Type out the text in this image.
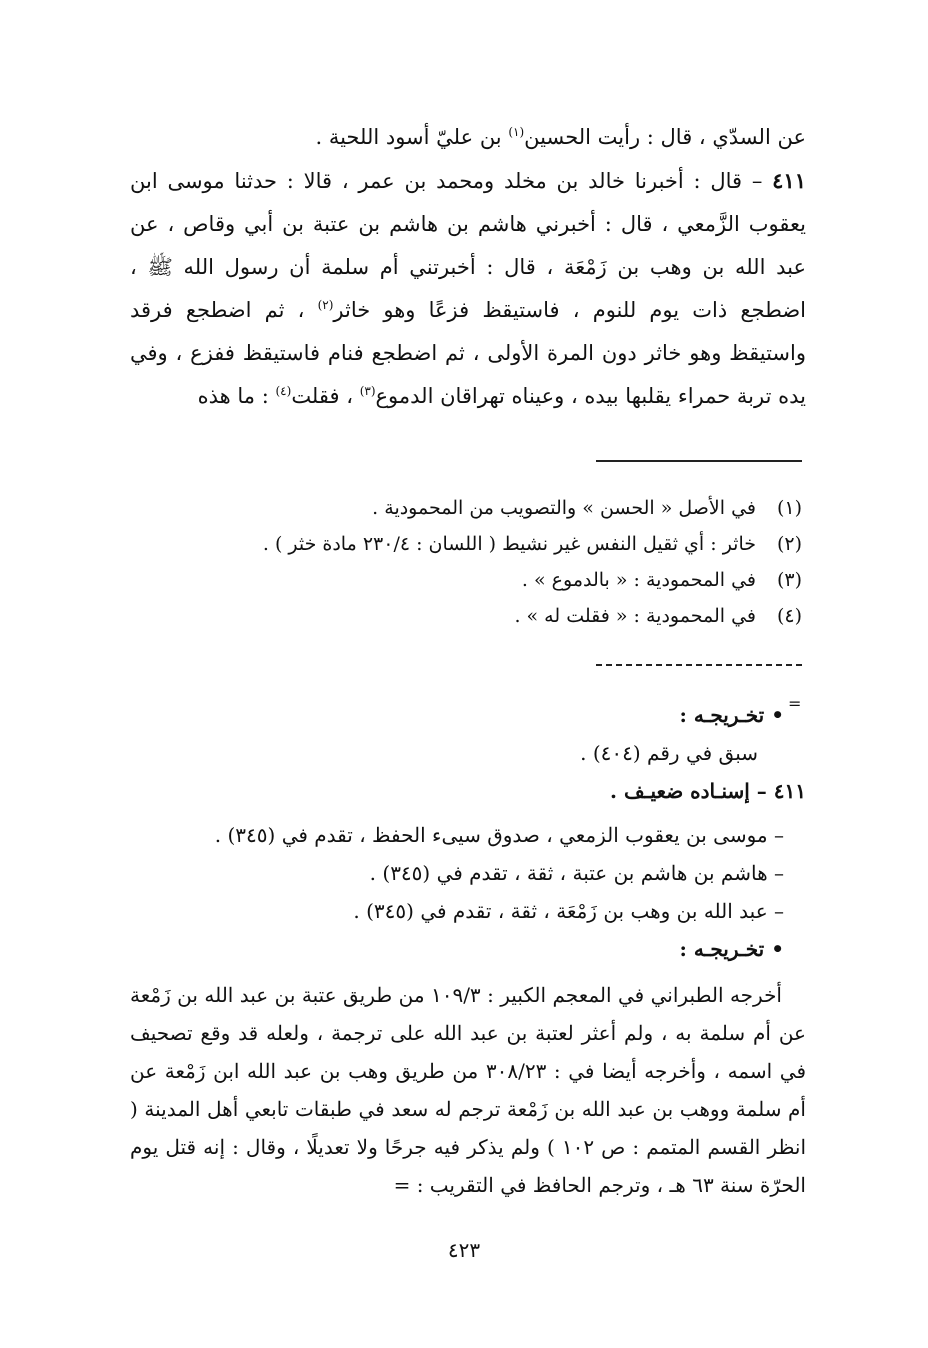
عن السدّي ، قال : رأيت الحسين$^{(١)}$ بن عليّ أسود اللحية .

٤١١ – قال : أخبرنا خالد بن مخلد ومحمد بن عمر ، قالا : حدثنا موسى ابن يعقوب الزَّمعي ، قال : أخبرني هاشم بن هاشم بن عتبة بن أبي وقاص ، عن عبد الله بن وهب بن زَمْعَة ، قال : أخبرتني أم سلمة أن رسول الله ﷺ ، اضطجع ذات يوم للنوم ، فاستيقظ فزعًا وهو خاثر$^{(٢)}$ ، ثم اضطجع فرقد واستيقظ وهو خاثر دون المرة الأولى ، ثم اضطجع فنام فاستيقظ ففزع ، وفي يده تربة حمراء يقلبها بيده ، وعيناه تهراقان الدموع$^{(٣)}$ ، فقلت$^{(٤)}$ : ما هذه

(١)
في الأصل « الحسن » والتصويب من المحمودية .
(٢)
خاثر : أي ثقيل النفس غير نشيط ( اللسان : ٢٣٠/٤ مادة خثر ) .
(٣)
في المحمودية : « بالدموع » .
(٤)
في المحمودية : « فقلت له » .
=

• تخـريجـه :

سبق في رقم (٤٠٤) .

٤١١ – إسنـاده ضعيـف .

– موسى بن يعقوب الزمعي ، صدوق سيىء الحفظ ، تقدم في (٣٤٥) .

– هاشم بن هاشم بن عتبة ، ثقة ، تقدم في (٣٤٥) .

– عبد الله بن وهب بن زَمْعَة ، ثقة ، تقدم في (٣٤٥) .

• تخـريجـه :

أخرجه الطبراني في المعجم الكبير : ١٠٩/٣ من طريق عتبة بن عبد الله بن زَمْعة عن أم سلمة به ، ولم أعثر لعتبة بن عبد الله على ترجمة ، ولعله قد وقع تصحيف في اسمه ، وأخرجه أيضا في : ٣٠٨/٢٣ من طريق وهب بن عبد الله ابن زَمْعة عن أم سلمة ووهب بن عبد الله بن زَمْعة ترجم له سعد في طبقات تابعي أهل المدينة ( انظر القسم المتمم : ص ١٠٢ ) ولم يذكر فيه جرحًا ولا تعديلًا ، وقال : إنه قتل يوم الحرّة سنة ٦٣ هـ ، وترجم الحافظ في التقريب : =

٤٢٣
